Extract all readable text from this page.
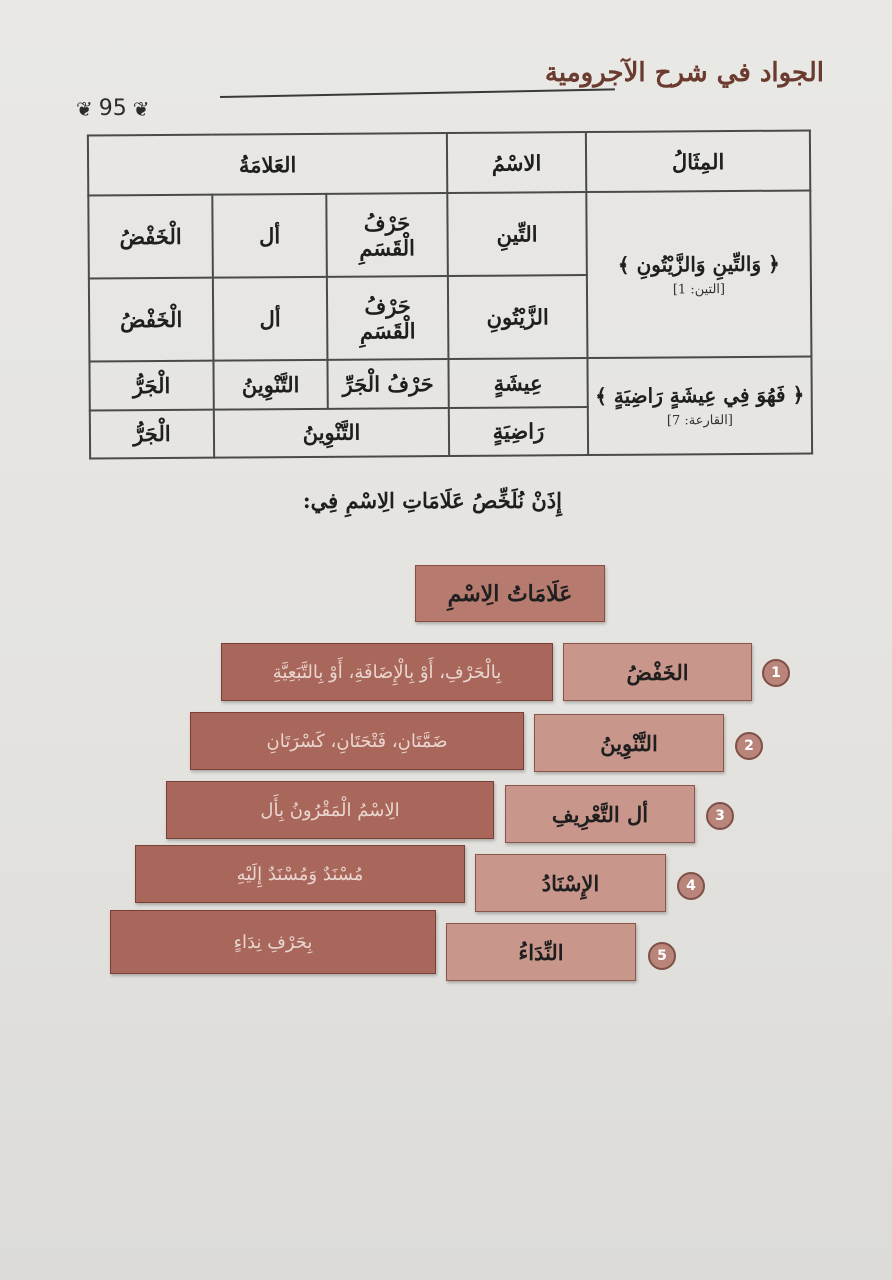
الجواد في شرح الآجرومية
❦ 95 ❦
المِثَالُ	الاسْمُ	العَلامَةُ		

﴿ وَالتِّينِ وَالزَّيْتُونِ ﴾
[التين: 1]	التِّينِ	حَرْفُ الْقَسَمِ	أل	الْخَفْضُ
	الزَّيْتُونِ	حَرْفُ الْقَسَمِ	أل	الْخَفْضُ

﴿ فَهُوَ فِي عِيشَةٍ رَاضِيَةٍ ﴾
[القارعة: 7]	عِيشَةٍ	حَرْفُ الْجَرِّ	التَّنْوِينُ	الْجَرُّ
	رَاضِيَةٍ	التَّنْوِينُ		الْجَرُّ
إِذَنْ نُلَخِّصُ عَلَامَاتِ الِاسْمِ فِي:
عَلَامَاتُ الِاسْمِ
1
الخَفْضُ
بِالْحَرْفِ، أَوْ بِالْإِضَافَةِ، أَوْ بِالتَّبَعِيَّةِ
2
التَّنْوِينُ
ضَمَّتَانِ، فَتْحَتَانِ، كَسْرَتَانِ
3
أل التَّعْرِيفِ
الِاسْمُ الْمَقْرُونُ بِأَل
4
الإِسْنَادُ
مُسْنَدٌ وَمُسْنَدٌ إِلَيْهِ
5
النِّدَاءُ
بِحَرْفِ نِدَاءٍ
